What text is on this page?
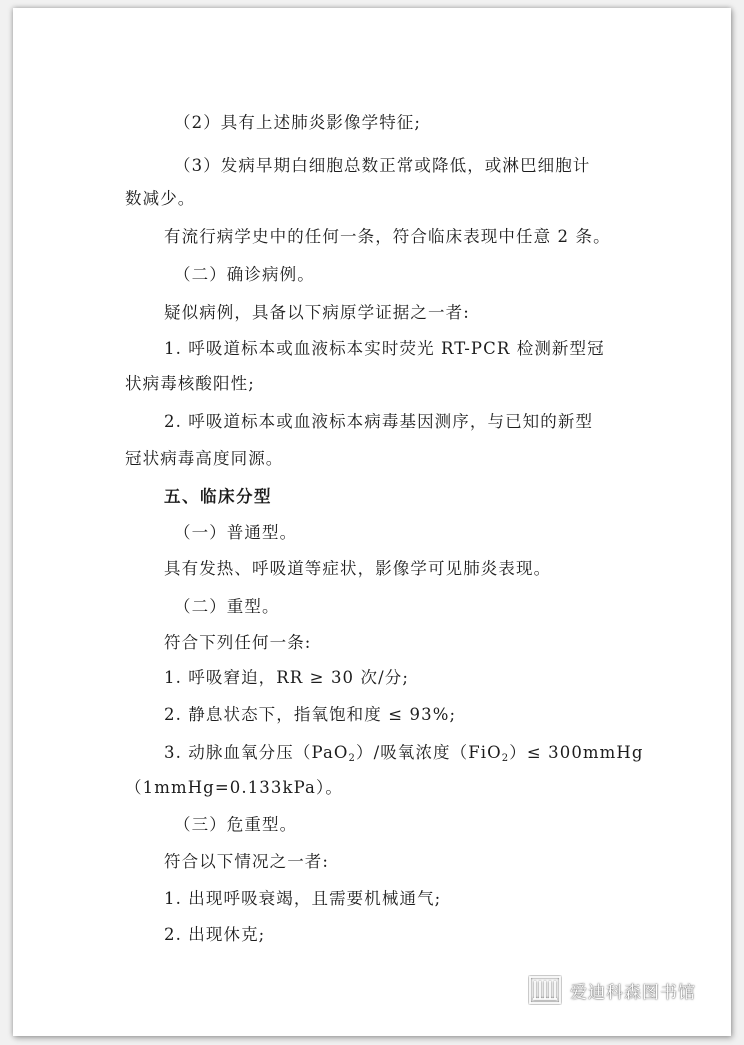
（2）具有上述肺炎影像学特征;
（3）发病早期白细胞总数正常或降低，或淋巴细胞计
数减少。
有流行病学史中的任何一条，符合临床表现中任意 2 条。
（二）确诊病例。
疑似病例，具备以下病原学证据之一者:
1. 呼吸道标本或血液标本实时荧光 RT-PCR 检测新型冠
状病毒核酸阳性;
2. 呼吸道标本或血液标本病毒基因测序，与已知的新型
冠状病毒高度同源。
五、临床分型
（一）普通型。
具有发热、呼吸道等症状，影像学可见肺炎表现。
（二）重型。
符合下列任何一条:
1. 呼吸窘迫，RR ≥ 30 次/分;
2. 静息状态下，指氧饱和度 ≤ 93%;
3. 动脉血氧分压（PaO$_2$）/吸氧浓度（FiO$_2$）≤ 300mmHg
（1mmHg=0.133kPa）。
（三）危重型。
符合以下情况之一者:
1. 出现呼吸衰竭，且需要机械通气;
2. 出现休克;
爱迪科森图书馆
